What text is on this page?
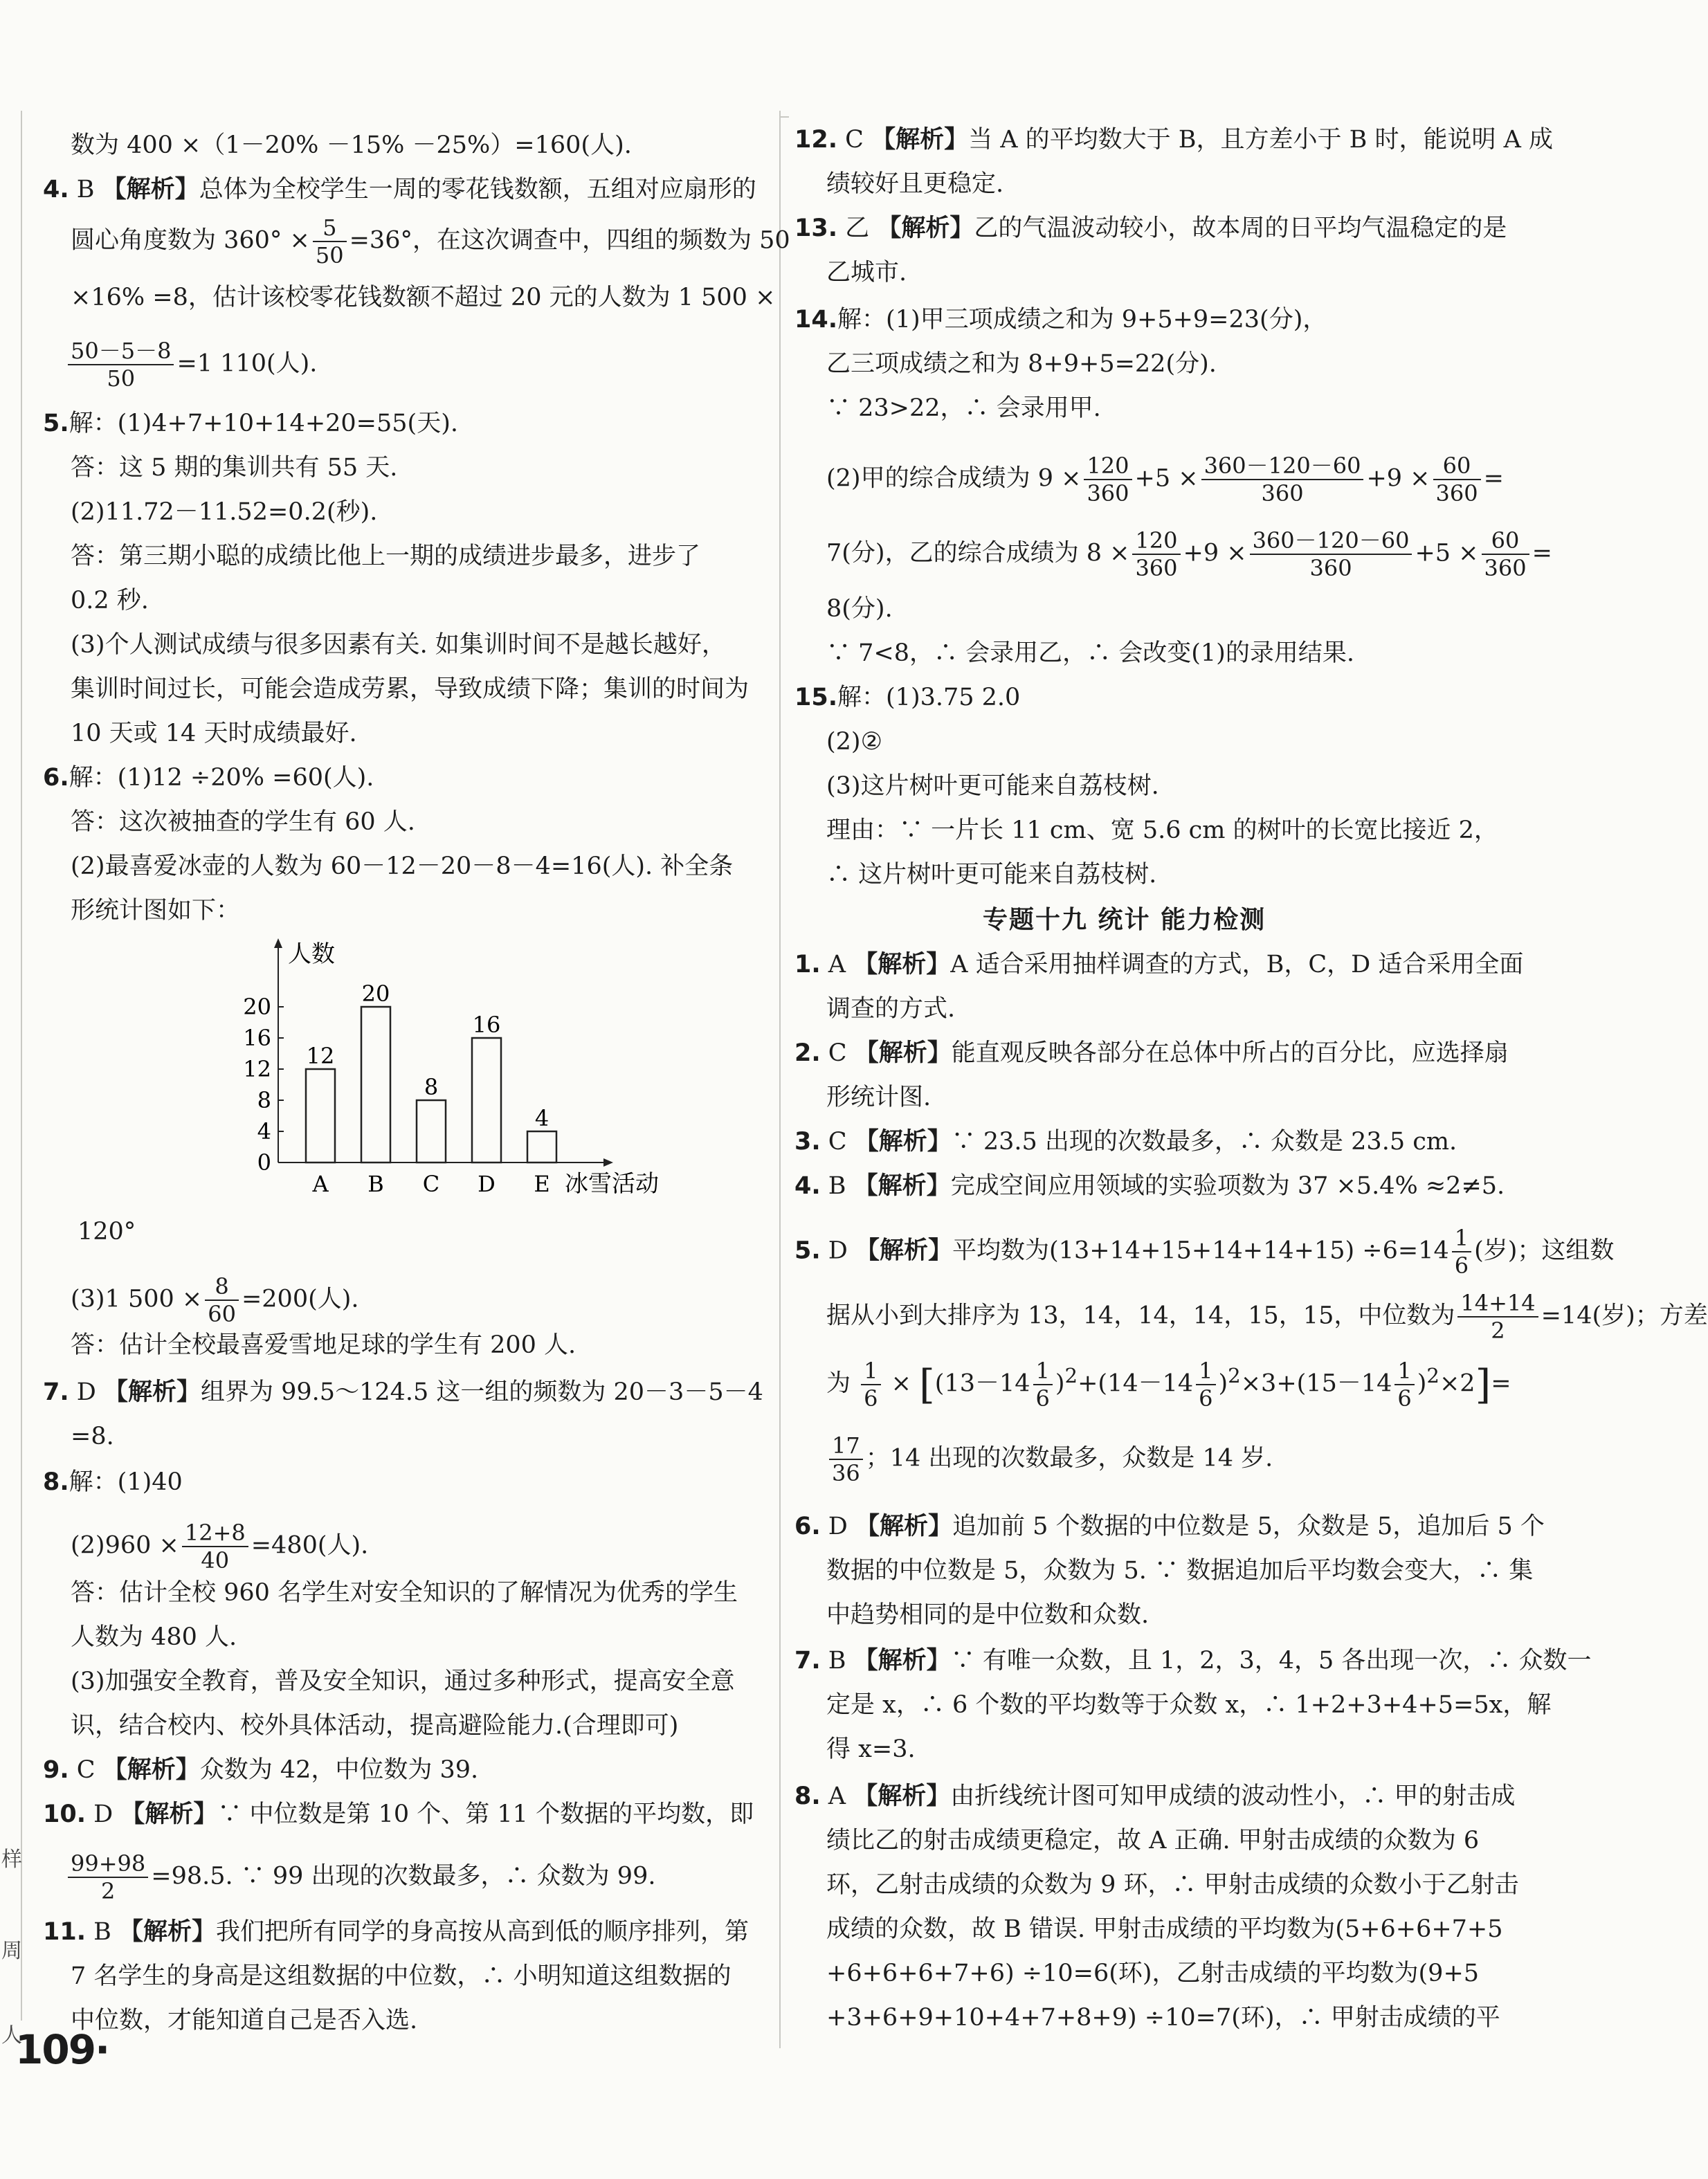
样
周
人
数为 400 ×（1－20% －15% －25%）=160(人).
4. B 【解析】总体为全校学生一周的零花钱数额，五组对应扇形的
圆心角度数为 $360^\circ \times \frac{5}{50} =36^\circ$，在这次调查中，四组的频数为 50
×16% =8，估计该校零花钱数额不超过 20 元的人数为 1 500 ×
$\frac{50-5-8}{50} =1$ 110(人).
5.解：(1)4+7+10+14+20=55(天).
答：这 5 期的集训共有 55 天.
(2)11.72－11.52=0.2(秒).
答：第三期小聪的成绩比他上一期的成绩进步最多，进步了
0.2 秒.
(3)个人测试成绩与很多因素有关. 如集训时间不是越长越好，
集训时间过长，可能会造成劳累，导致成绩下降；集训的时间为
10 天或 14 天时成绩最好.
6.解：(1)12 ÷20% =60(人).
答：这次被抽查的学生有 60 人.
(2)最喜爱冰壶的人数为 60－12－20－8－4=16(人). 补全条
形统计图如下：
人数
0
4
8
12
16
20
12
A
20
B
8
C
16
D
4
E 冰雪活动
120°
(3)1 $500 \times \frac{8}{60} =200$(人).
答：估计全校最喜爱雪地足球的学生有 200 人.
7. D 【解析】组界为 99.5～124.5 这一组的频数为 20－3－5－4
=8.
8.解：(1)40
$(2)960 \times \frac{12+8}{40} =480$(人).
答：估计全校 960 名学生对安全知识的了解情况为优秀的学生
人数为 480 人.
(3)加强安全教育，普及安全知识，通过多种形式，提高安全意
识，结合校内、校外具体活动，提高避险能力.(合理即可)
9. C 【解析】众数为 42，中位数为 39.
10. D 【解析】∵ 中位数是第 10 个、第 11 个数据的平均数，即
$\frac{99+98}{2} =98.5$. ∵ 99 出现的次数最多，∴ 众数为 99.
11. B 【解析】我们把所有同学的身高按从高到低的顺序排列，第
7 名学生的身高是这组数据的中位数，∴ 小明知道这组数据的
中位数，才能知道自己是否入选.
12. C 【解析】当 A 的平均数大于 B，且方差小于 B 时，能说明 A 成
绩较好且更稳定.
13. 乙 【解析】乙的气温波动较小，故本周的日平均气温稳定的是
乙城市.
14.解：(1)甲三项成绩之和为 9+5+9=23(分)，
乙三项成绩之和为 8+9+5=22(分).
∵ 23>22，∴ 会录用甲.
(2)甲的综合成绩为 $9 \times \frac{120}{360} +5 \times \frac{360-120-60}{360} +9 \times \frac{60}{360}$ =
7(分)，乙的综合成绩为 $8 \times \frac{120}{360} +9 \times \frac{360-120-60}{360} +5 \times \frac{60}{360}$ =
8(分).
∵ 7<8，∴ 会录用乙，∴ 会改变(1)的录用结果.
15.解：(1)3.75 2.0
(2)②
(3)这片树叶更可能来自荔枝树.
理由：∵ 一片长 11 cm、宽 5.6 cm 的树叶的长宽比接近 2，
∴ 这片树叶更可能来自荔枝树.
专题十九 统计 能力检测
1. A 【解析】A 适合采用抽样调查的方式，B，C，D 适合采用全面
调查的方式.
2. C 【解析】能直观反映各部分在总体中所占的百分比，应选择扇
形统计图.
3. C 【解析】∵ 23.5 出现的次数最多，∴ 众数是 23.5 cm.
4. B 【解析】完成空间应用领域的实验项数为 37 ×5.4% ≈2≠5.
5. D 【解析】平均数为$(13+14+15+14+14+15) \div 6=14 \frac{1}{6}$ (岁)；这组数
据从小到大排序为 13，14，14，14，15，15，中位数为 $\frac{14+14}{2} =14$(岁)；方差
为 $\frac{1}{6} \times [(13-14 \frac{1}{6} )^2+(14-14 \frac{1}{6} )^2\times 3+(15-14 \frac{1}{6} )^2\times 2]=$
$\frac{17}{36}$ ；14 出现的次数最多，众数是 14 岁.
6. D 【解析】追加前 5 个数据的中位数是 5，众数是 5，追加后 5 个
数据的中位数是 5，众数为 5. ∵ 数据追加后平均数会变大，∴ 集
中趋势相同的是中位数和众数.
7. B 【解析】∵ 有唯一众数，且 1，2，3，4，5 各出现一次，∴ 众数一
定是 x，∴ 6 个数的平均数等于众数 x，∴ 1+2+3+4+5=5x，解
得 x=3.
8. A 【解析】由折线统计图可知甲成绩的波动性小，∴ 甲的射击成
绩比乙的射击成绩更稳定，故 A 正确. 甲射击成绩的众数为 6
环，乙射击成绩的众数为 9 环，∴ 甲射击成绩的众数小于乙射击
成绩的众数，故 B 错误. 甲射击成绩的平均数为(5+6+6+7+5
+6+6+6+7+6) ÷10=6(环)，乙射击成绩的平均数为(9+5
+3+6+9+10+4+7+8+9) ÷10=7(环)，∴ 甲射击成绩的平
109·
